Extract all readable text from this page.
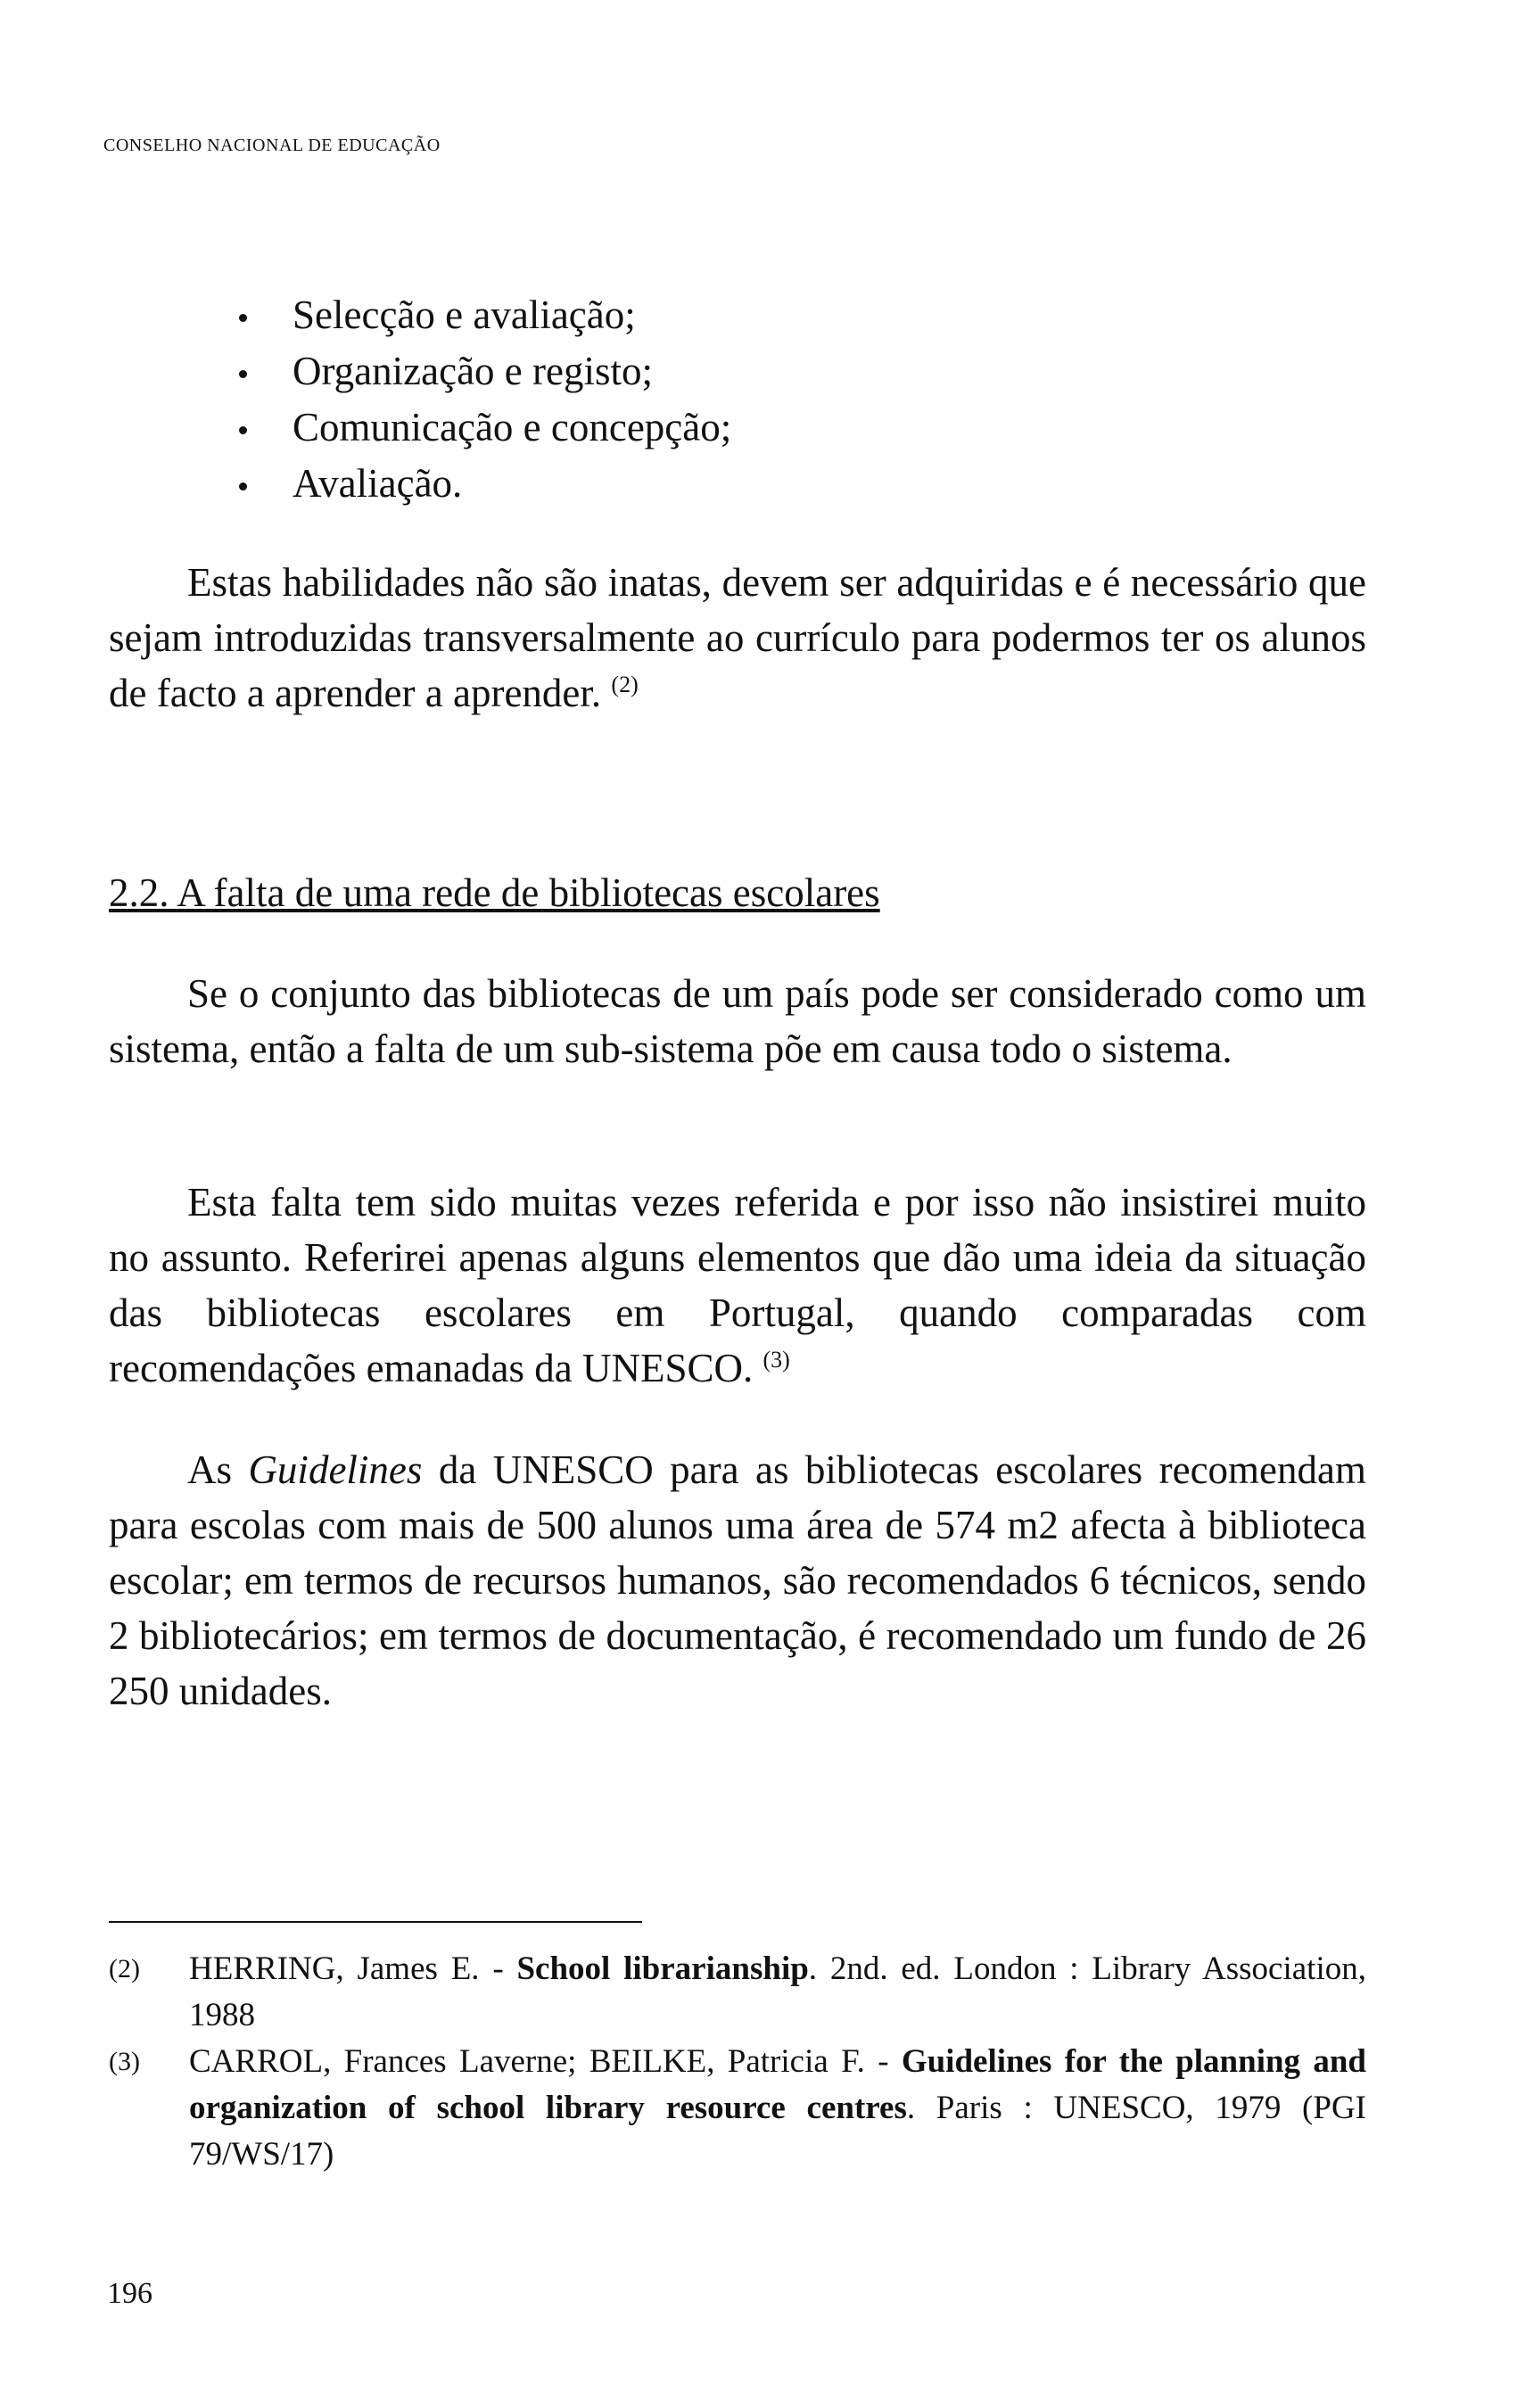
CONSELHO NACIONAL DE EDUCAÇÃO
Selecção e avaliação;
Organização e registo;
Comunicação e concepção;
Avaliação.

Estas habilidades não são inatas, devem ser adquiridas e é necessário que sejam introduzidas transversalmente ao currículo para podermos ter os alunos de facto a aprender a aprender. $^{(2)}$

2.2. A falta de uma rede de bibliotecas escolares

Se o conjunto das bibliotecas de um país pode ser considerado como um sistema, então a falta de um sub-sistema põe em causa todo o sistema.

Esta falta tem sido muitas vezes referida e por isso não insistirei muito no assunto. Referirei apenas alguns elementos que dão uma ideia da situação das bibliotecas escolares em Portugal, quando comparadas com recomendações emanadas da UNESCO. $^{(3)}$

As Guidelines da UNESCO para as bibliotecas escolares recomendam para escolas com mais de 500 alunos uma área de 574 m2 afecta à biblioteca escolar; em termos de recursos humanos, são recomendados 6 técnicos, sendo 2 bibliotecários; em termos de documentação, é recomendado um fundo de 26 250 unidades.

(2) HERRING, James E. - School librarianship. 2nd. ed. London : Library Association, 1988
(3) CARROL, Frances Laverne; BEILKE, Patricia F. - Guidelines for the planning and organization of school library resource centres. Paris : UNESCO, 1979 (PGI 79/WS/17)
196
